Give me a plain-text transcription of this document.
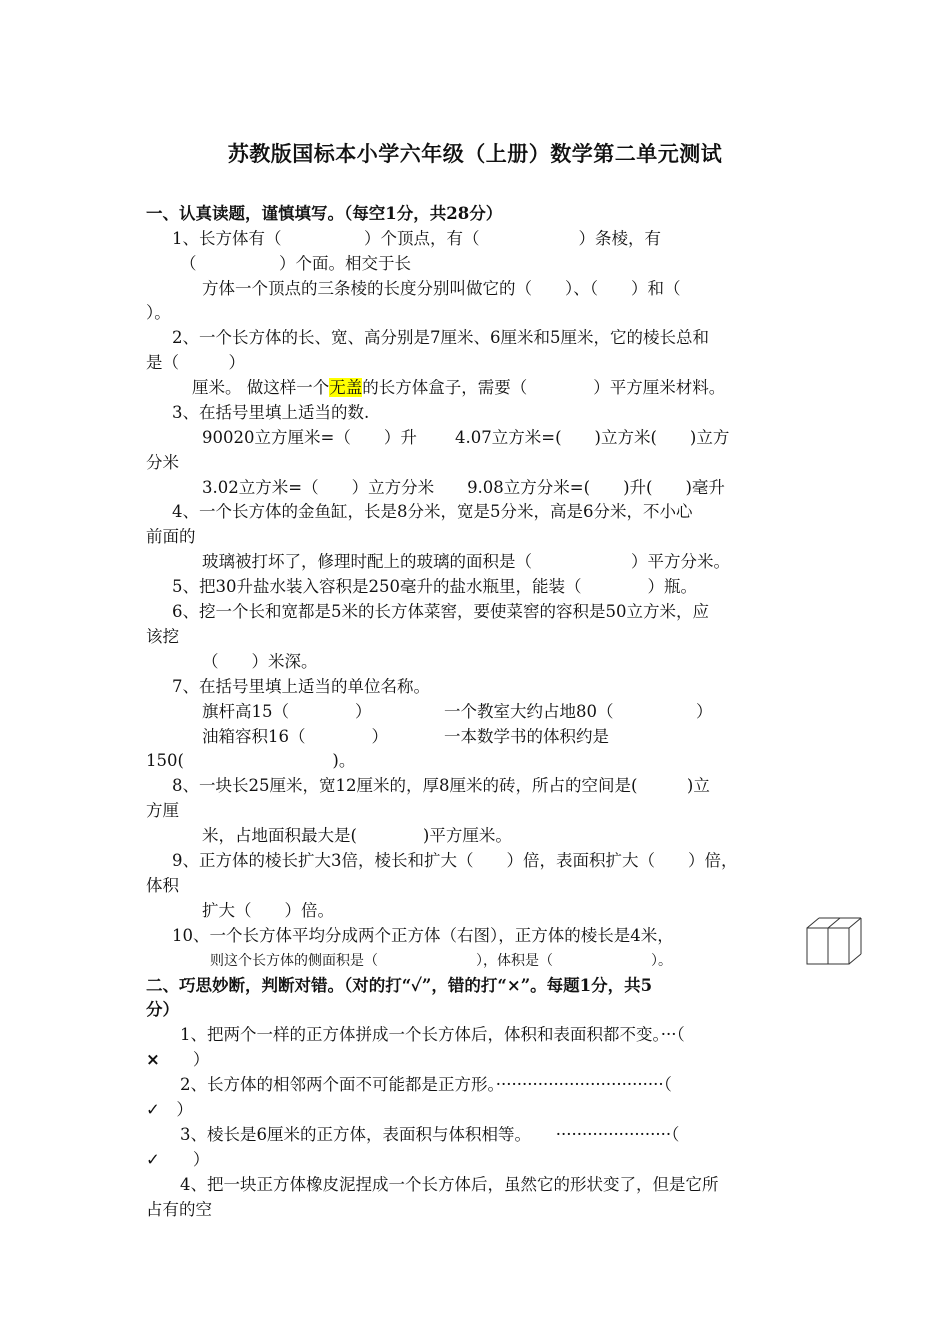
苏教版国标本小学六年级（上册）数学第二单元测试
一、认真读题，谨慎填写。（每空1分，共28分）
1、长方体有（　　　　　）个顶点，有（　　　　　　）条棱，有
（　　　　　）个面。相交于长
方体一个顶点的三条棱的长度分别叫做它的（　　）、（　　）和（
）。
2、一个长方体的长、宽、高分别是7厘米、6厘米和5厘米，它的棱长总和
是（　　　）
厘米。 做这样一个无盖的长方体盒子，需要（　　　　）平方厘米材料。
3、在括号里填上适当的数.
90020立方厘米=（　　）升　　 4.07立方米=(　　)立方米(　　)立方
分米
3.02立方米=（　　）立方分米　　9.08立方分米=(　　)升(　　)毫升
4、一个长方体的金鱼缸，长是8分米，宽是5分米，高是6分米，不小心
前面的
玻璃被打坏了，修理时配上的玻璃的面积是（　　　　　　）平方分米。
5、把30升盐水装入容积是250毫升的盐水瓶里，能装（　　　　）瓶。
6、挖一个长和宽都是5米的长方体菜窖，要使菜窖的容积是50立方米，应
该挖
（　　）米深。
7、在括号里填上适当的单位名称。
旗杆高15（　　　　）	一个教室大约占地80（　　　　　）
油箱容积16（　　　　）	一本数学书的体积约是
150(　　　　　　　　　)。
8、一块长25厘米，宽12厘米的，厚8厘米的砖，所占的空间是(　　　)立
方厘
米，占地面积最大是(　　　　)平方厘米。
9、正方体的棱长扩大3倍，棱长和扩大（　　）倍，表面积扩大（　　）倍，
体积
扩大（　　）倍。
10、一个长方体平均分成两个正方体（右图），正方体的棱长是4米，
则这个长方体的侧面积是（　　　　　　　），体积是（　　　　　　　）。
二、巧思妙断，判断对错。（对的打“✓”，错的打“×”。每题1分，共5
分）
1、把两个一样的正方体拼成一个长方体后，体积和表面积都不变。···（
×　　）
2、长方体的相邻两个面不可能都是正方形。································（
✓　）
3、棱长是6厘米的正方体，表面积与体积相等。　　······················（
✓　　）
4、把一块正方体橡皮泥捏成一个长方体后，虽然它的形状变了，但是它所
占有的空
